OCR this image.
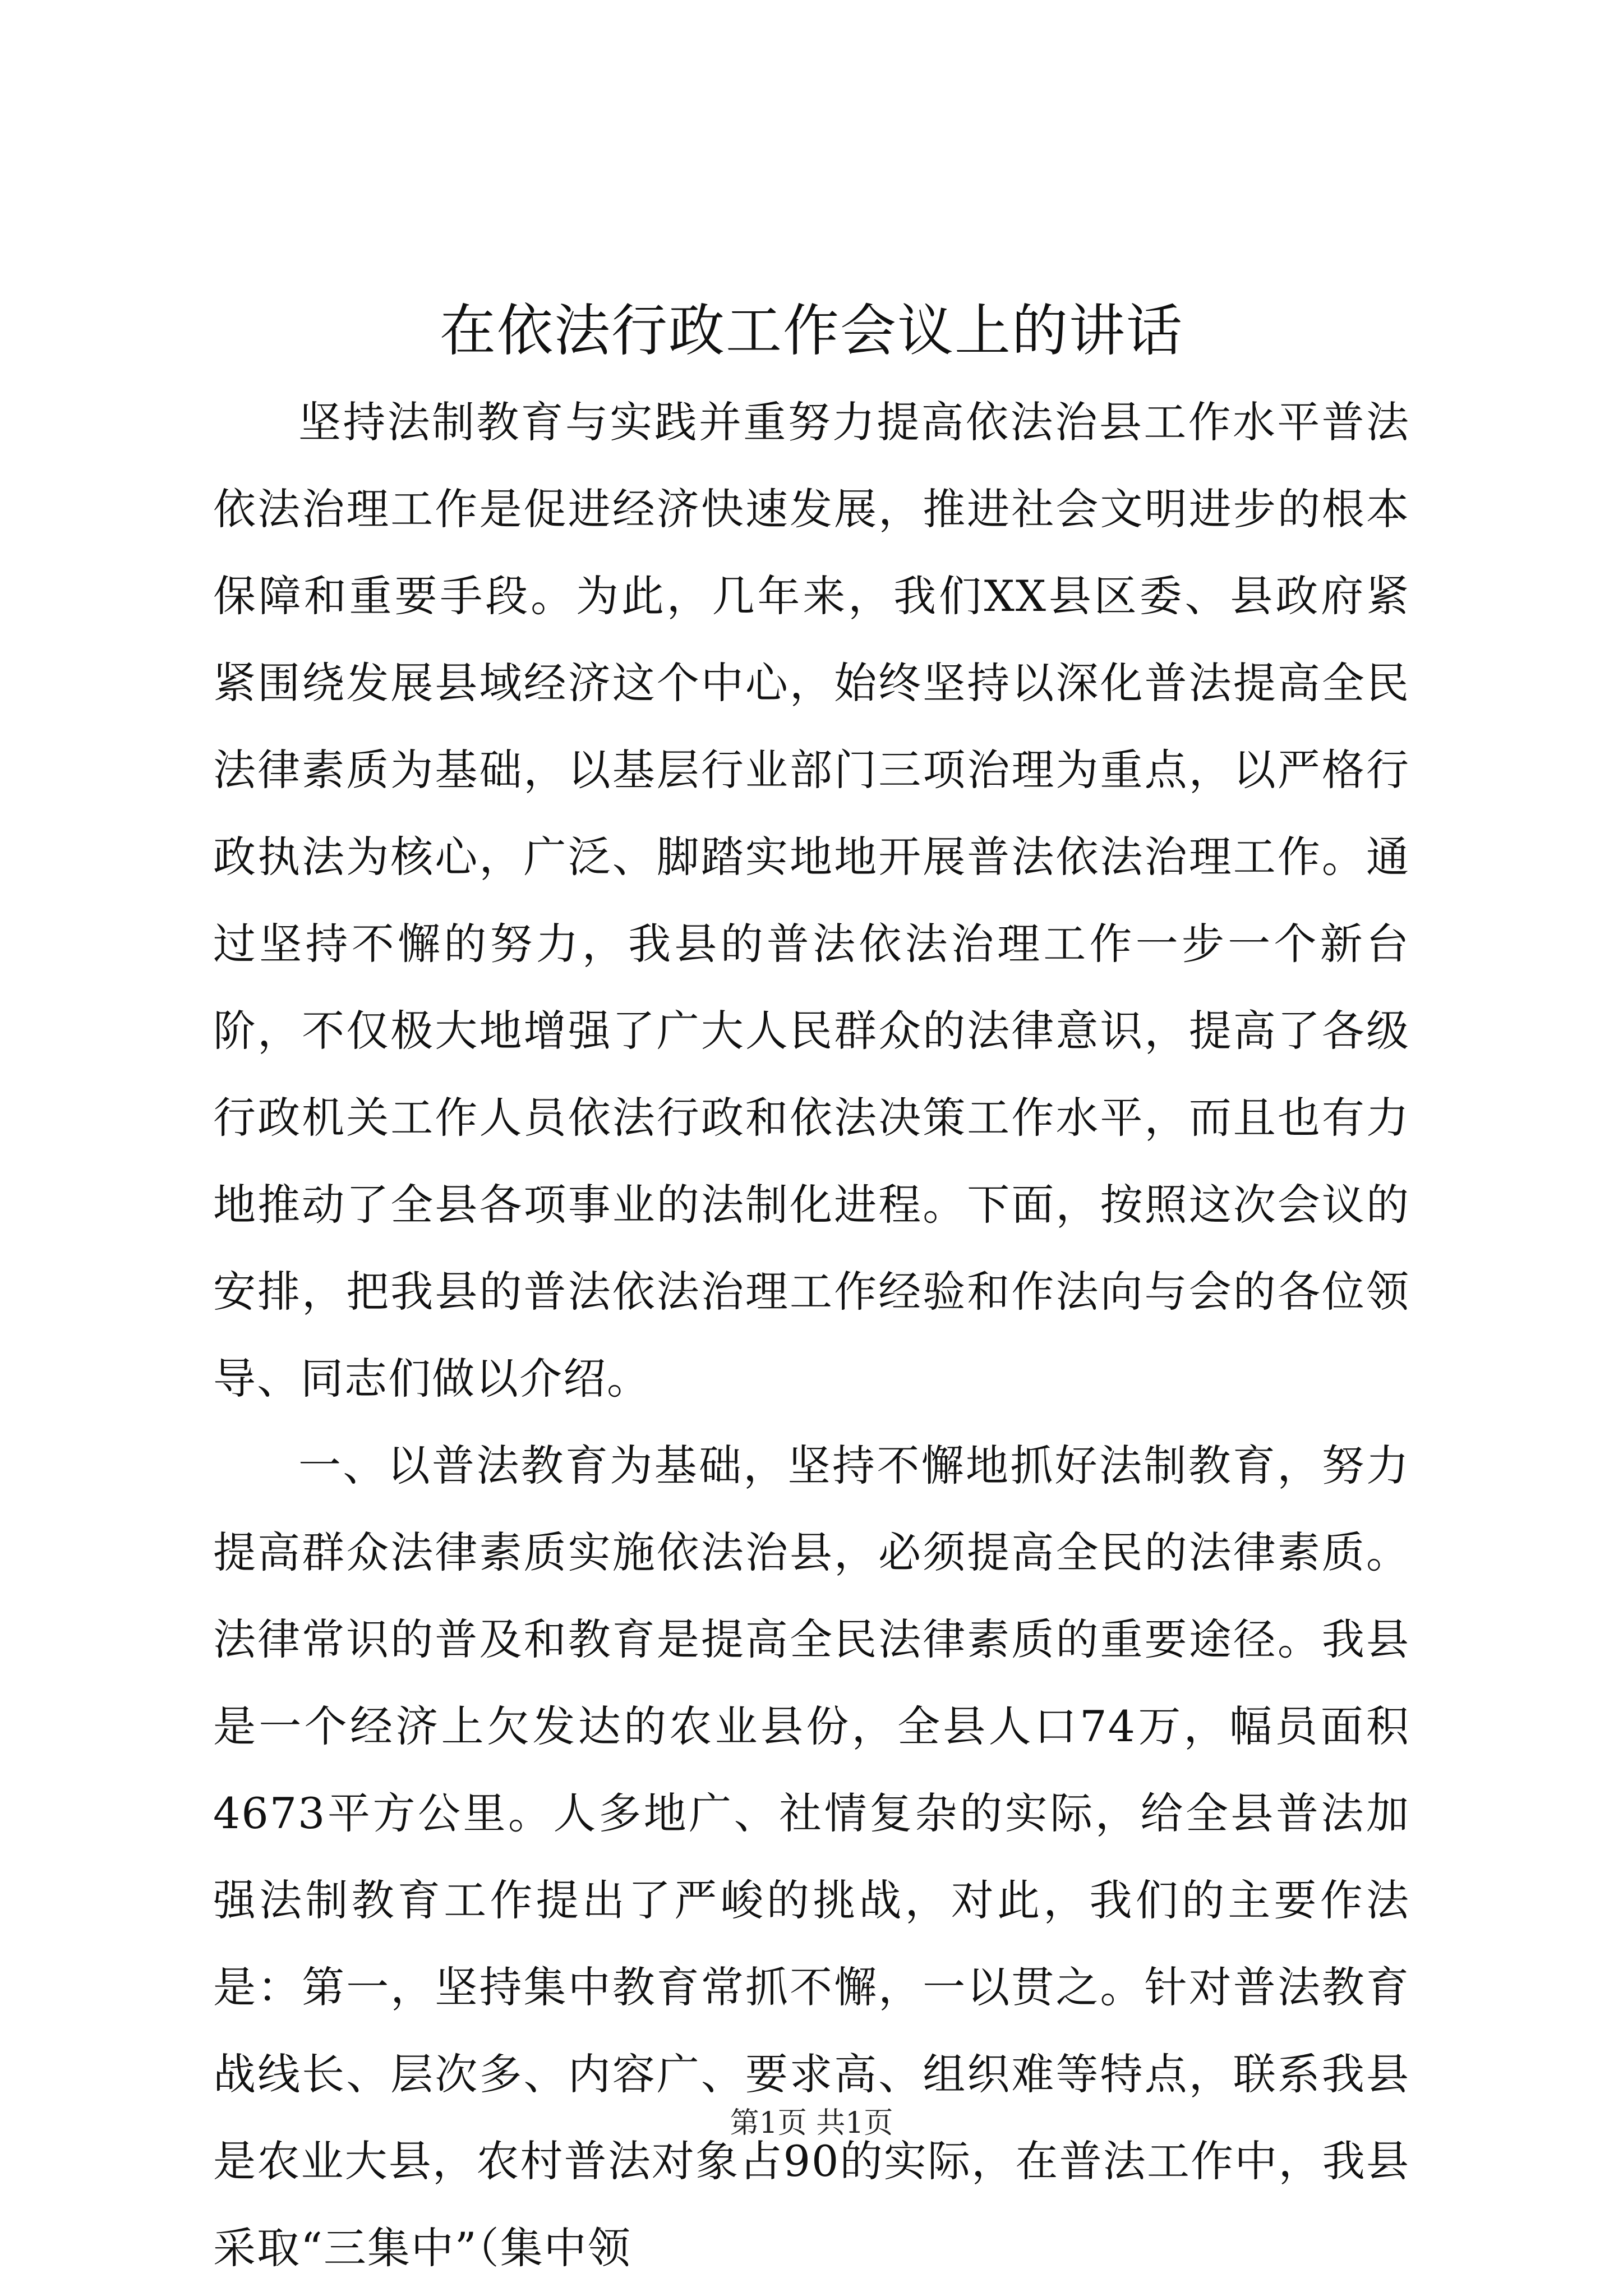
在依法行政工作会议上的讲话

坚持法制教育与实践并重努力提高依法治县工作水平普法依法治理工作是促进经济快速发展，推进社会文明进步的根本保障和重要手段。为此，几年来，我们XX县区委、县政府紧紧围绕发展县域经济这个中心，始终坚持以深化普法提高全民法律素质为基础，以基层行业部门三项治理为重点，以严格行政执法为核心，广泛、脚踏实地地开展普法依法治理工作。通过坚持不懈的努力，我县的普法依法治理工作一步一个新台阶，不仅极大地增强了广大人民群众的法律意识，提高了各级行政机关工作人员依法行政和依法决策工作水平，而且也有力地推动了全县各项事业的法制化进程。下面，按照这次会议的安排，把我县的普法依法治理工作经验和作法向与会的各位领导、同志们做以介绍。

一、以普法教育为基础，坚持不懈地抓好法制教育，努力提高群众法律素质实施依法治县，必须提高全民的法律素质。法律常识的普及和教育是提高全民法律素质的重要途径。我县是一个经济上欠发达的农业县份，全县人口74万，幅员面积4673平方公里。人多地广、社情复杂的实际，给全县普法加强法制教育工作提出了严峻的挑战，对此，我们的主要作法是：第一，坚持集中教育常抓不懈，一以贯之。针对普法教育战线长、层次多、内容广、要求高、组织难等特点，联系我县是农业大县，农村普法对象占90的实际，在普法工作中，我县采取“三集中”（集中领

第1页 共1页
